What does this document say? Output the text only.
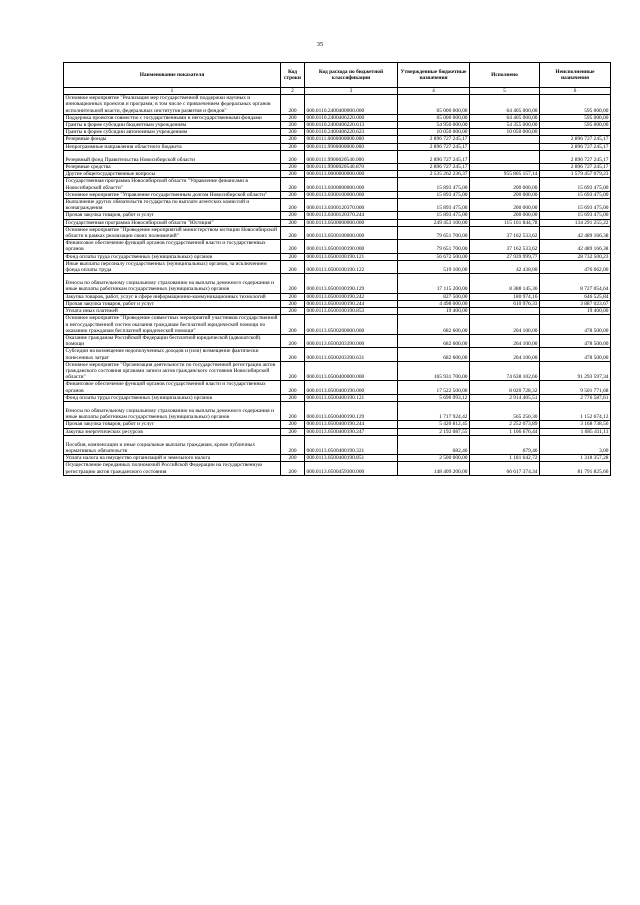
35
Наименование показателя	Код строки	Код расхода по бюджетной классификации	Утвержденные бюджетные назначения	Исполнено	Неисполненные назначения
1	2	3	4	5	6
Основное мероприятие "Реализация мер государственной поддержки научных и инновационных проектов и программ, в том числе с привлечением федеральных органов исполнительной власти, федеральных институтов развития и фондов"	200	000.0110.2400400000.000	65 000 000,00	64 405 000,00	595 000,00
Поддержка проектов совместно с государственными и негосударственными фондами	200	000.0110.2400406220.000	65 000 000,00	64 405 000,00	595 000,00
Гранты в форме субсидии бюджетным учреждениям	200	000.0110.2400406220.613	54 950 000,00	54 355 000,00	595 000,00
Гранты в форме субсидии автономным учреждениям	200	000.0110.2400406220.623	10 050 000,00	10 050 000,00	
Резервные фонды	200	000.0111.0000000000.000	2 896 727 245,17		2 896 727 245,17
Непрограммные направления областного бюджета	200	000.0111.9900000000.000	2 896 727 245,17		2 896 727 245,17
Резервный фонд Правительства Новосибирской области	200	000.0111.9900020540.000	2 896 727 245,17		2 896 727 245,17
Резервные средства	200	000.0111.9900020540.870	2 896 727 245,17		2 896 727 245,17
Другие общегосударственные вопросы	200	000.0113.0000000000.000	2 535 262 236,37	955 805 157,14	1 579 457 079,23
Государственная программа Новосибирской области "Управление финансами в Новосибирской области"	200	000.0113.0300000000.000	15 893 475,00	200 000,00	15 693 475,00
Основное мероприятие "Управление государственным долгом Новосибирской области"	200	000.0113.0300100000.000	15 893 475,00	200 000,00	15 693 475,00
Выполнение других обязательств государства по выплате агентских комиссий и вознаграждения	200	000.0113.0300120370.000	15 893 475,00	200 000,00	15 693 475,00
Прочая закупка товаров, работ и услуг	200	000.0113.0300120370.244	15 893 475,00	200 000,00	15 693 475,00
Государственная программа Новосибирской области "Юстиция"	200	000.0113.0500000000.000	249 453 100,00	115 161 844,78	134 291 255,22
Основное мероприятие "Проведение мероприятий министерством юстиции Новосибирской области в рамках реализации своих полномочий"	200	000.0113.0500100000.000	79 651 700,00	37 162 533,62	42 489 166,38
Финансовое обеспечение функций органов государственной власти и государственных органов	200	000.0113.0500100190.000	79 651 700,00	37 162 533,62	42 489 166,38
Фонд оплаты труда государственных (муниципальных) органов	200	000.0113.0500100190.121	56 672 500,00	27 939 999,77	28 732 500,23
Иные выплаты персоналу государственных (муниципальных) органов, за исключением фонда оплаты труда	200	000.0113.0500100190.122	519 100,00	42 438,00	476 662,00
Взносы по обязательному социальному страхованию на выплаты денежного содержания и иные выплаты работникам государственных (муниципальных) органов	200	000.0113.0500100190.129	17 115 200,00	8 388 145,36	8 727 054,64
Закупка товаров, работ, услуг в сфере информационно-коммуникационных технологий	200	000.0113.0500100190.242	827 500,00	180 974,16	646 525,84
Прочая закупка товаров, работ и услуг	200	000.0113.0500100190.244	4 498 000,00	610 976,33	3 887 023,67
Уплата иных платежей	200	000.0113.0500100190.853	19 400,00		19 400,00
Основное мероприятие "Проведение совместных мероприятий участников государственной и негосударственной систем оказания гражданам бесплатной юридической помощи по оказанию гражданам бесплатной юридической помощи"	200	000.0113.0500200000.000	682 600,00	204 100,00	478 500,00
Оказание гражданам Российской Федерации бесплатной юридической (адвокатской) помощи	200	000.0113.0500203390.000	682 600,00	204 100,00	478 500,00
Субсидии на возмещение недополученных доходов и (или) возмещение фактически понесенных затрат	200	000.0113.0500203390.631	682 600,00	204 100,00	478 500,00
Основное мероприятие "Организация деятельности по государственной регистрации актов гражданского состояния органами записи актов гражданского состояния Новосибирской области"	200	000.0113.0500400000.000	165 931 700,00	74 638 102,66	91 293 597,34
Финансовое обеспечение функций органов государственной власти и государственных органов	200	000.0113.0500400190.000	17 522 500,00	8 020 728,32	9 501 771,68
Фонд оплаты труда государственных (муниципальных) органов	200	000.0113.0500400190.121	5 690 993,12	2 914 405,51	2 776 587,61
Взносы по обязательному социальному страхованию на выплаты денежного содержания и иные выплаты работникам государственных (муниципальных) органов	200	000.0113.0500400190.129	1 717 924,42	565 250,30	1 152 674,12
Прочая закупка товаров, работ и услуг	200	000.0113.0500400190.244	5 420 812,45	2 252 073,89	3 168 738,56
Закупка энергетических ресурсов	200	000.0113.0500400190.247	2 192 087,55	1 106 676,44	1 085 411,11
Пособия, компенсации и иные социальные выплаты гражданам, кроме публичных нормативных обязательств	200	000.0113.0500400190.321	682,46	679,46	3,00
Уплата налога на имущество организаций и земельного налога	200	000.0113.0500400190.851	2 500 000,00	1 181 642,72	1 318 357,28
Осуществление переданных полномочий Российской Федерации на государственную регистрацию актов гражданского состояния	200	000.0113.0500459300.000	148 409 200,00	66 617 374,34	81 791 825,66
